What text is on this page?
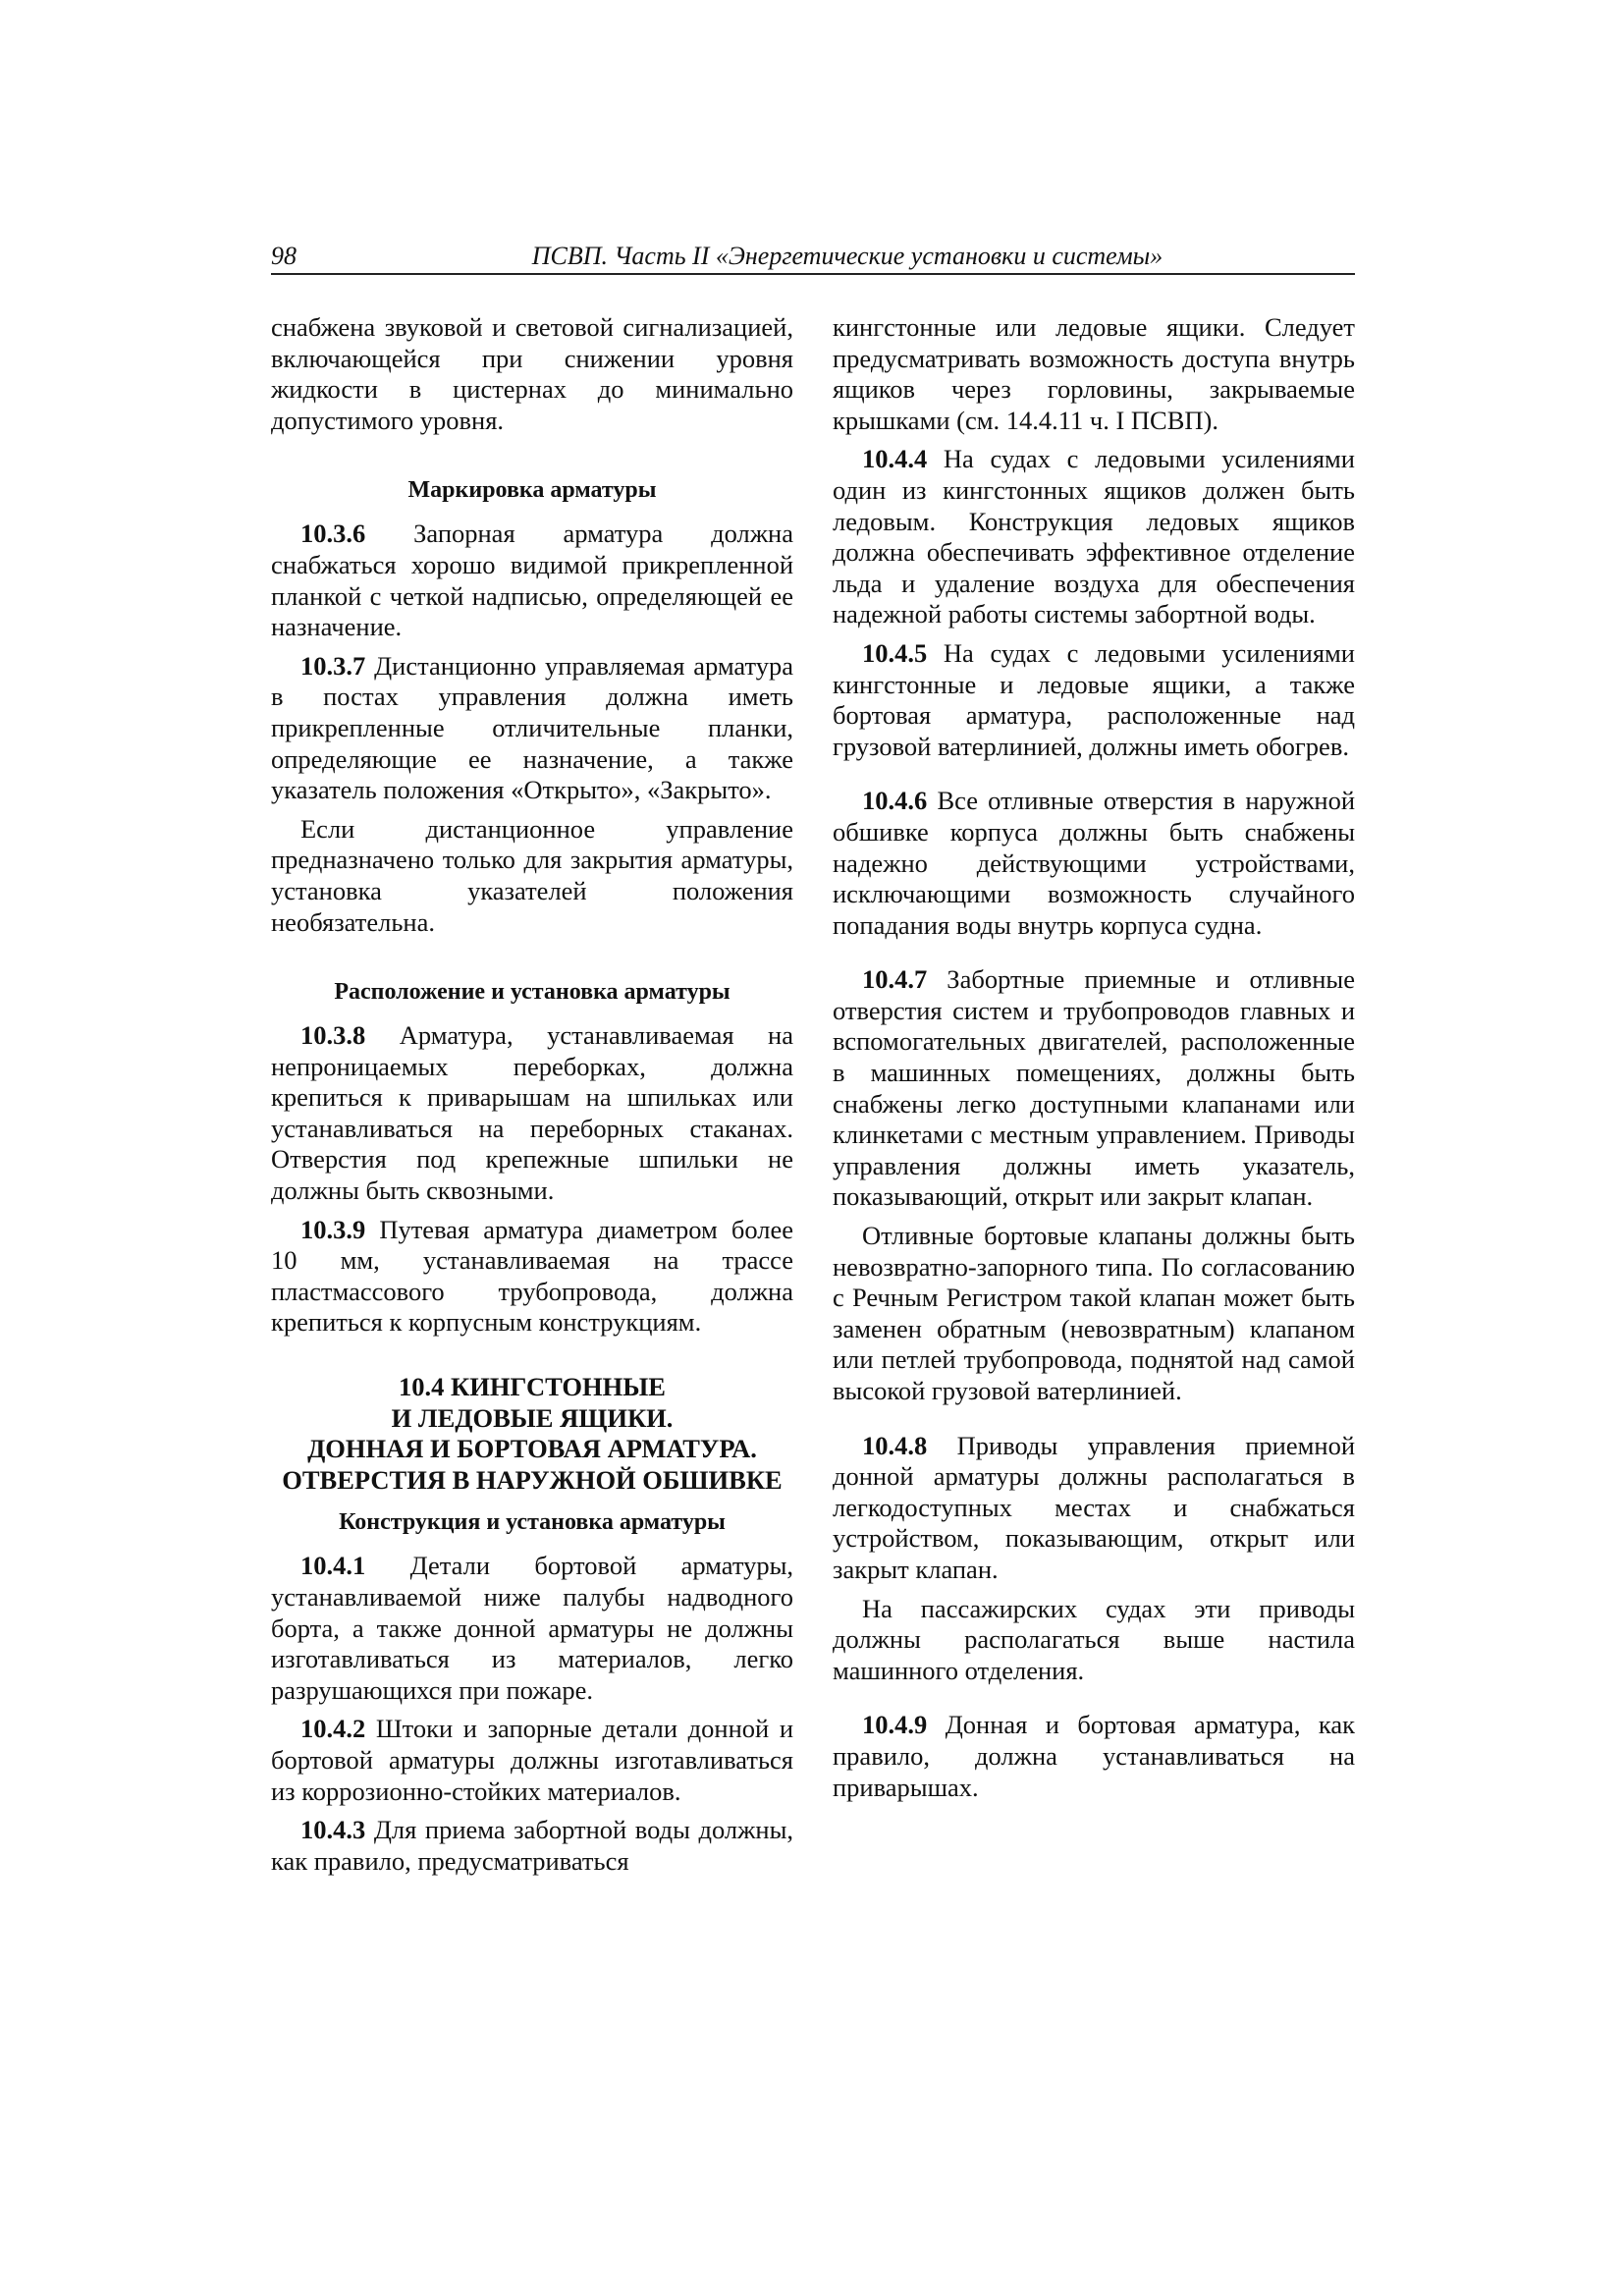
98	ПСВП. Часть II «Энергетические установки и системы»

снабжена звуковой и световой сигнализацией, включающейся при снижении уровня жидкости в цистернах до минимально допустимого уровня.

Маркировка арматуры

10.3.6 Запорная арматура должна снабжаться хорошо видимой прикрепленной планкой с четкой надписью, определяющей ее назначение.

10.3.7 Дистанционно управляемая арматура в постах управления должна иметь прикрепленные отличительные планки, определяющие ее назначение, а также указатель положения «Открыто», «Закрыто».

Если дистанционное управление предназначено только для закрытия арматуры, установка указателей положения необязательна.

Расположение и установка арматуры

10.3.8 Арматура, устанавливаемая на непроницаемых переборках, должна крепиться к приварышам на шпильках или устанавливаться на переборных стаканах. Отверстия под крепежные шпильки не должны быть сквозными.

10.3.9 Путевая арматура диаметром более 10 мм, устанавливаемая на трассе пластмассового трубопровода, должна крепиться к корпусным конструкциям.

10.4 КИНГСТОННЫЕ
И ЛЕДОВЫЕ ЯЩИКИ.
ДОННАЯ И БОРТОВАЯ АРМАТУРА.
ОТВЕРСТИЯ В НАРУЖНОЙ ОБШИВКЕ
Конструкция и установка арматуры

10.4.1 Детали бортовой арматуры, устанавливаемой ниже палубы надводного борта, а также донной арматуры не должны изготавливаться из материалов, легко разрушающихся при пожаре.

10.4.2 Штоки и запорные детали донной и бортовой арматуры должны изготавливаться из коррозионно-стойких материалов.

10.4.3 Для приема забортной воды должны, как правило, предусматриваться

кингстонные или ледовые ящики. Следует предусматривать возможность доступа внутрь ящиков через горловины, закрываемые крышками (см. 14.4.11 ч. I ПСВП).

10.4.4 На судах с ледовыми усилениями один из кингстонных ящиков должен быть ледовым. Конструкция ледовых ящиков должна обеспечивать эффективное отделение льда и удаление воздуха для обеспечения надежной работы системы забортной воды.

10.4.5 На судах с ледовыми усилениями кингстонные и ледовые ящики, а также бортовая арматура, расположенные над грузовой ватерлинией, должны иметь обогрев.

10.4.6 Все отливные отверстия в наружной обшивке корпуса должны быть снабжены надежно действующими устройствами, исключающими возможность случайного попадания воды внутрь корпуса судна.

10.4.7 Забортные приемные и отливные отверстия систем и трубопроводов главных и вспомогательных двигателей, расположенные в машинных помещениях, должны быть снабжены легко доступными клапанами или клинкетами с местным управлением. Приводы управления должны иметь указатель, показывающий, открыт или закрыт клапан.

Отливные бортовые клапаны должны быть невозвратно-запорного типа. По согласованию с Речным Регистром такой клапан может быть заменен обратным (невозвратным) клапаном или петлей трубопровода, поднятой над самой высокой грузовой ватерлинией.

10.4.8 Приводы управления приемной донной арматуры должны располагаться в легкодоступных местах и снабжаться устройством, показывающим, открыт или закрыт клапан.

На пассажирских судах эти приводы должны располагаться выше настила машинного отделения.

10.4.9 Донная и бортовая арматура, как правило, должна устанавливаться на приварышах.
